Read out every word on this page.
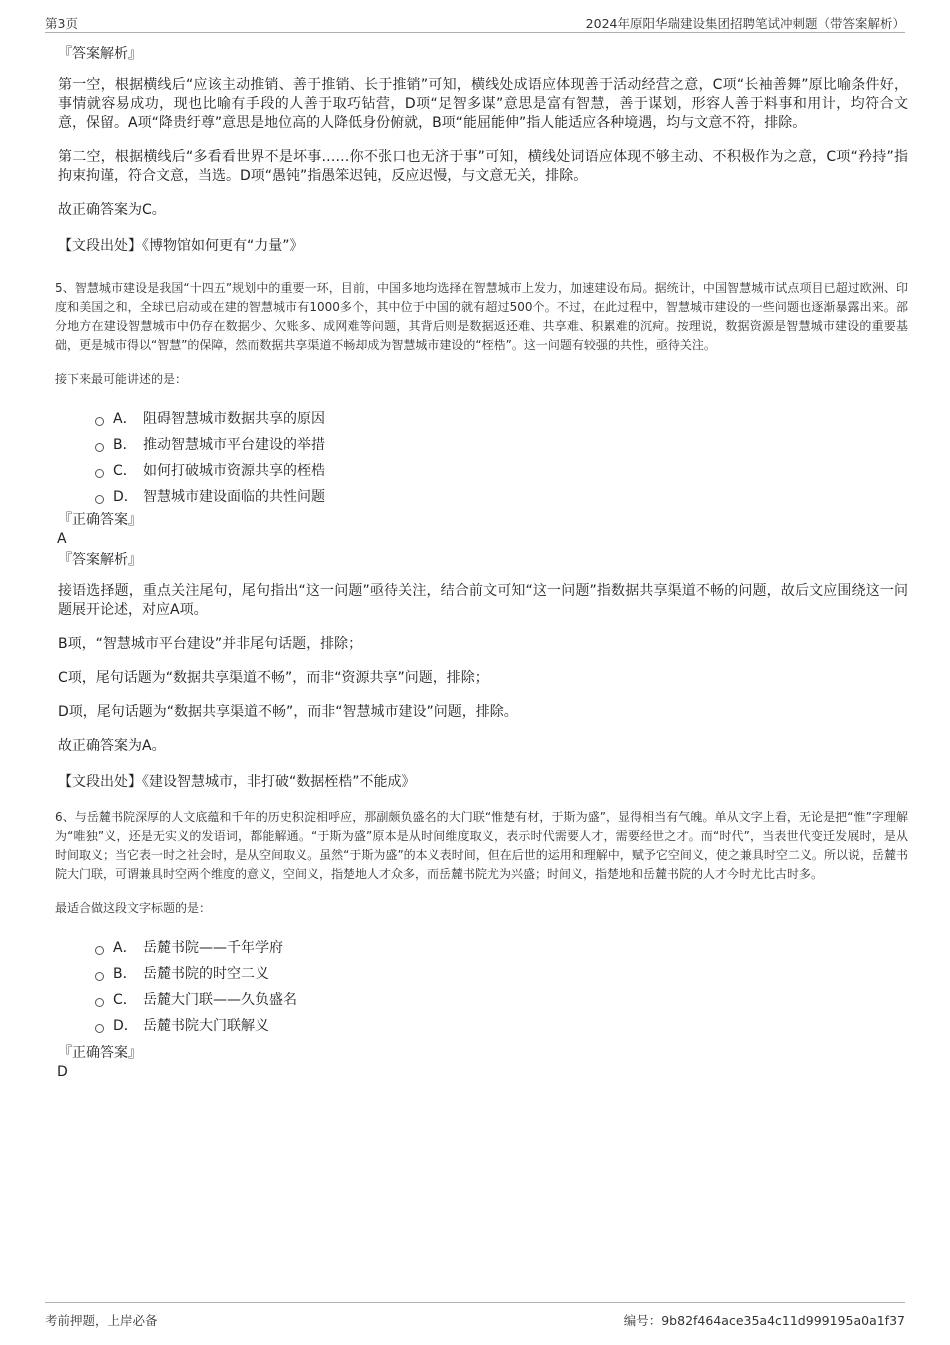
第3页	2024年原阳华瑞建设集团招聘笔试冲刺题（带答案解析）

『答案解析』

第一空，根据横线后“应该主动推销、善于推销、长于推销”可知，横线处成语应体现善于活动经营之意，C项“长袖善舞”原比喻条件好，事情就容易成功，现也比喻有手段的人善于取巧钻营，D项“足智多谋”意思是富有智慧，善于谋划，形容人善于料事和用计，均符合文意，保留。A项“降贵纡尊”意思是地位高的人降低身份俯就，B项“能屈能伸”指人能适应各种境遇，均与文意不符，排除。

第二空，根据横线后“多看看世界不是坏事……你不张口也无济于事”可知，横线处词语应体现不够主动、不积极作为之意，C项“矜持”指拘束拘谨，符合文意，当选。D项“愚钝”指愚笨迟钝，反应迟慢，与文意无关，排除。

故正确答案为C。

【文段出处】《博物馆如何更有“力量”》

5、智慧城市建设是我国“十四五”规划中的重要一环，目前，中国多地均选择在智慧城市上发力，加速建设布局。据统计，中国智慧城市试点项目已超过欧洲、印度和美国之和，全球已启动或在建的智慧城市有1000多个，其中位于中国的就有超过500个。不过，在此过程中，智慧城市建设的一些问题也逐渐暴露出来。部分地方在建设智慧城市中仍存在数据少、欠账多、成网难等问题，其背后则是数据返还难、共享难、积累难的沉疴。按理说，数据资源是智慧城市建设的重要基础，更是城市得以“智慧”的保障，然而数据共享渠道不畅却成为智慧城市建设的“桎梏”。这一问题有较强的共性，亟待关注。

接下来最可能讲述的是：

A． 阻碍智慧城市数据共享的原因
B． 推动智慧城市平台建设的举措
C． 如何打破城市资源共享的桎梏
D． 智慧城市建设面临的共性问题

『正确答案』

A

『答案解析』

接语选择题，重点关注尾句，尾句指出“这一问题”亟待关注，结合前文可知“这一问题”指数据共享渠道不畅的问题，故后文应围绕这一问题展开论述，对应A项。

B项，“智慧城市平台建设”并非尾句话题，排除；

C项，尾句话题为“数据共享渠道不畅”，而非“资源共享”问题，排除；

D项，尾句话题为“数据共享渠道不畅”，而非“智慧城市建设”问题，排除。

故正确答案为A。

【文段出处】《建设智慧城市，非打破“数据桎梏”不能成》

6、与岳麓书院深厚的人文底蕴和千年的历史积淀相呼应，那副颇负盛名的大门联“惟楚有材，于斯为盛”，显得相当有气魄。单从文字上看，无论是把“惟”字理解为“唯独”义，还是无实义的发语词，都能解通。“于斯为盛”原本是从时间维度取义，表示时代需要人才，需要经世之才。而“时代”，当表世代变迁发展时，是从时间取义；当它表一时之社会时，是从空间取义。虽然“于斯为盛”的本义表时间，但在后世的运用和理解中，赋予它空间义，使之兼具时空二义。所以说，岳麓书院大门联，可谓兼具时空两个维度的意义，空间义，指楚地人才众多，而岳麓书院尤为兴盛；时间义，指楚地和岳麓书院的人才今时尤比古时多。

最适合做这段文字标题的是：

A． 岳麓书院——千年学府
B． 岳麓书院的时空二义
C． 岳麓大门联——久负盛名
D． 岳麓书院大门联解义

『正确答案』

D

考前押题，上岸必备	编号：9b82f464ace35a4c11d999195a0a1f37
